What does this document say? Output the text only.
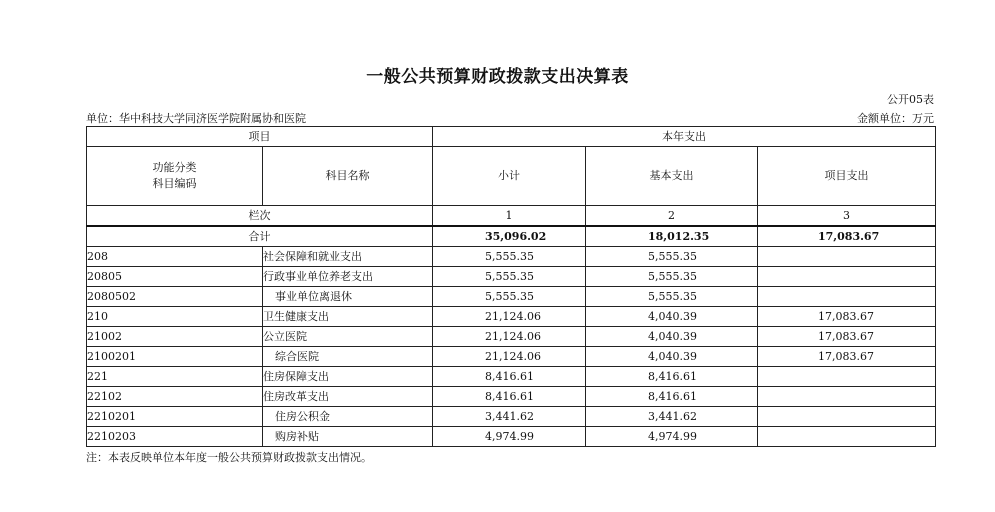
一般公共预算财政拨款支出决算表
公开05表
单位：华中科技大学同济医学院附属协和医院	金额单位：万元
项目		本年支出		

功能分类
科目编码	科目名称	小计	基本支出	项目支出
栏次		1	2	3
合计		35,096.02	18,012.35	17,083.67
208	社会保障和就业支出	5,555.35	5,555.35	
20805	行政事业单位养老支出	5,555.35	5,555.35	
2080502	事业单位离退休	5,555.35	5,555.35	
210	卫生健康支出	21,124.06	4,040.39	17,083.67
21002	公立医院	21,124.06	4,040.39	17,083.67
2100201	综合医院	21,124.06	4,040.39	17,083.67
221	住房保障支出	8,416.61	8,416.61	
22102	住房改革支出	8,416.61	8,416.61	
2210201	住房公积金	3,441.62	3,441.62	
2210203	购房补贴	4,974.99	4,974.99	
注：本表反映单位本年度一般公共预算财政拨款支出情况。
